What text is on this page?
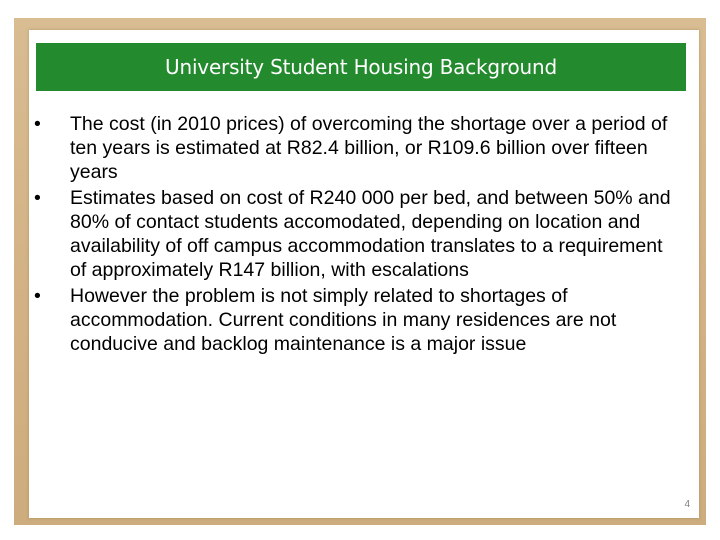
University Student Housing Background
•	The cost (in 2010 prices) of overcoming the shortage over a period of ten years is estimated at R82.4 billion, or R109.6 billion over fifteen years
•	Estimates based on cost of R240 000 per bed, and between 50% and 80% of contact students accomodated, depending on location and availability of off campus accommodation translates to a requirement of approximately R147 billion, with escalations
•	However the problem is not simply related to shortages of accommodation. Current conditions in many residences are not conducive and backlog maintenance is a major issue
4
